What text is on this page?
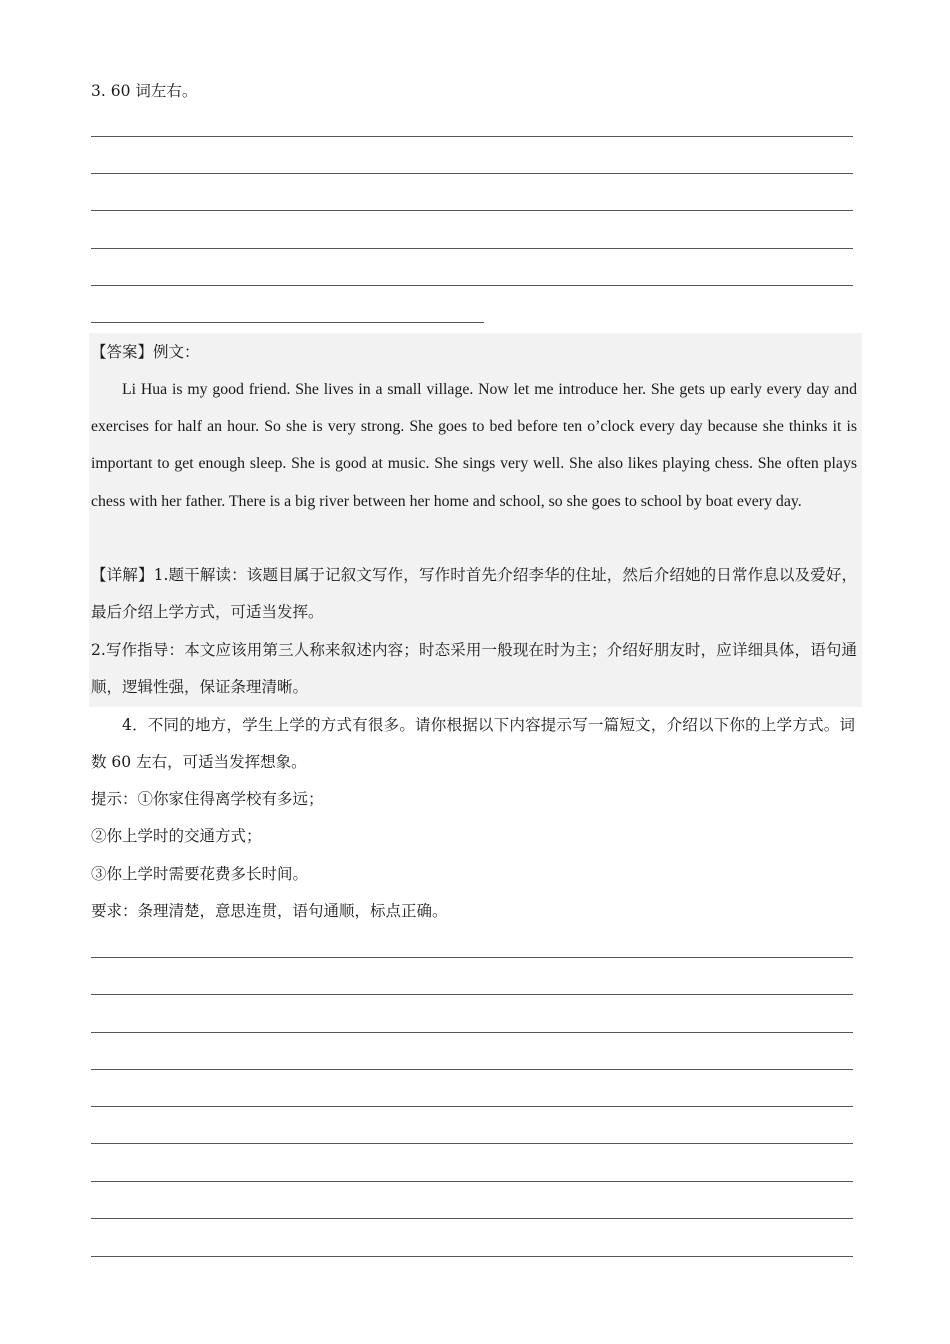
3. 60 词左右。
【答案】例文：
Li Hua is my good friend. She lives in a small village. Now let me introduce her. She gets up early every day and exercises for half an hour. So she is very strong. She goes to bed before ten o’clock every day because she thinks it is important to get enough sleep. She is good at music. She sings very well. She also likes playing chess. She often plays chess with her father. There is a big river between her home and school, so she goes to school by boat every day.
【详解】1.题干解读：该题目属于记叙文写作，写作时首先介绍李华的住址，然后介绍她的日常作息以及爱好，最后介绍上学方式，可适当发挥。
2.写作指导：本文应该用第三人称来叙述内容；时态采用一般现在时为主；介绍好朋友时，应详细具体，语句通顺，逻辑性强，保证条理清晰。
4．不同的地方，学生上学的方式有很多。请你根据以下内容提示写一篇短文，介绍以下你的上学方式。词数 60 左右，可适当发挥想象。
提示：①你家住得离学校有多远；
②你上学时的交通方式；
③你上学时需要花费多长时间。
要求：条理清楚，意思连贯，语句通顺，标点正确。
